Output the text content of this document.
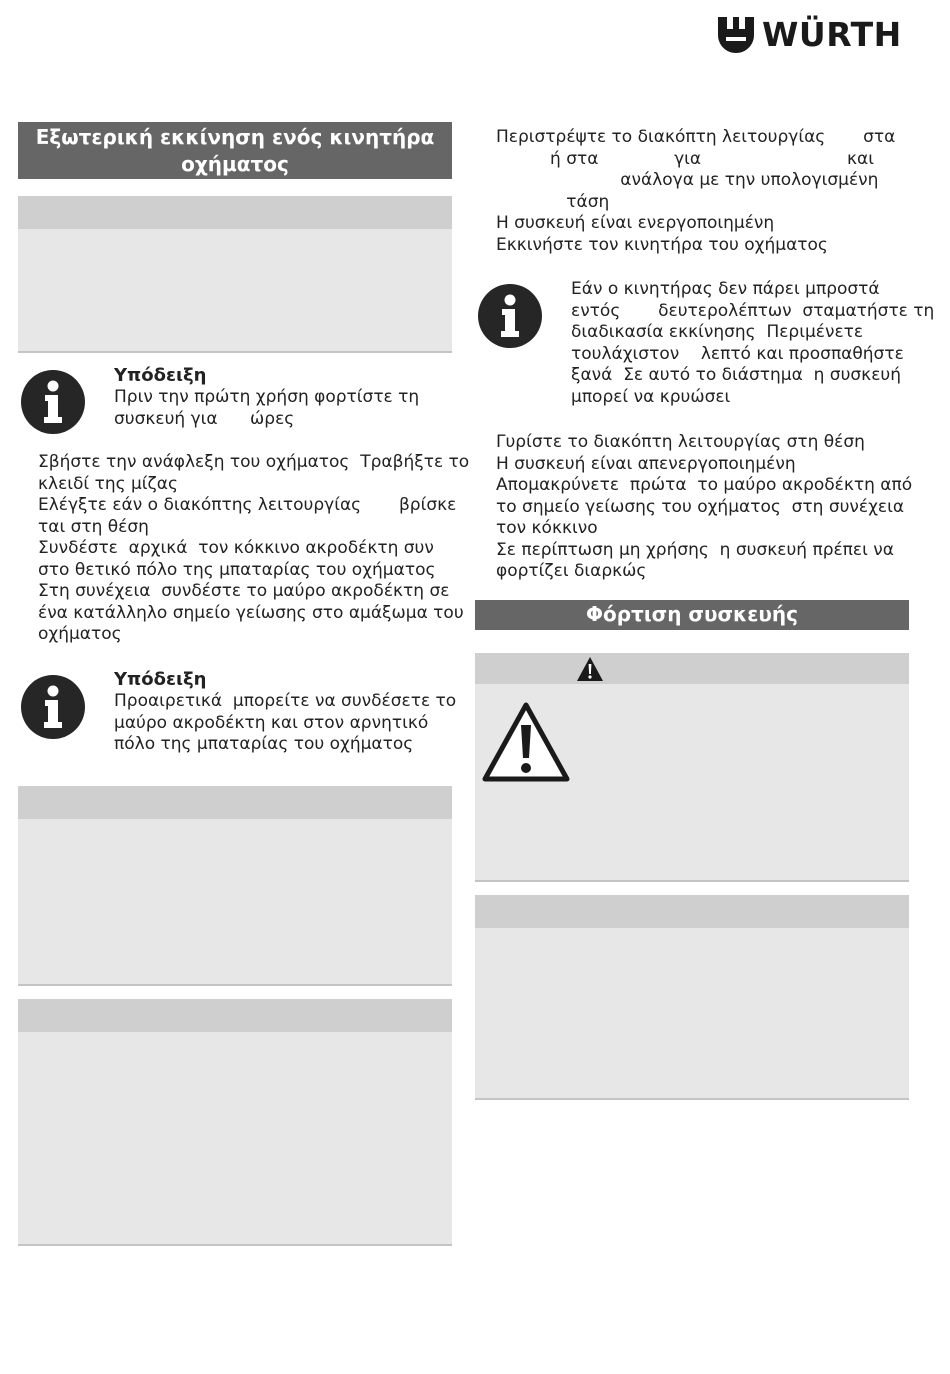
WÜRTH
Εξωτερική εκκίνηση ενός κινητήρα
οχήματος
Υπόδειξη
Πριν την πρώτη χρήση φορτίστε τη
συσκευή για      ώρες
Σβήστε την ανάφλεξη του οχήματος  Τραβήξτε το
κλειδί της μίζας
Ελέγξτε εάν ο διακόπτης λειτουργίας       βρίσκε
ται στη θέση
Συνδέστε  αρχικά  τον κόκκινο ακροδέκτη συν
στο θετικό πόλο της μπαταρίας του οχήματος
Στη συνέχεια  συνδέστε το μαύρο ακροδέκτη σε
ένα κατάλληλο σημείο γείωσης στο αμάξωμα του
οχήματος
Υπόδειξη
Προαιρετικά  μπορείτε να συνδέσετε το
μαύρο ακροδέκτη και στον αρνητικό
πόλο της μπαταρίας του οχήματος
Περιστρέψτε το διακόπτη λειτουργίας       στα
ή στα              για                           και
ανάλογα με την υπολογισμένη
τάση
Η συσκευή είναι ενεργοποιημένη
Εκκινήστε τον κινητήρα του οχήματος
Εάν ο κινητήρας δεν πάρει μπροστά
εντός       δευτερολέπτων  σταματήστε τη
διαδικασία εκκίνησης  Περιμένετε
τουλάχιστον    λεπτό και προσπαθήστε
ξανά  Σε αυτό το διάστημα  η συσκευή
μπορεί να κρυώσει
Γυρίστε το διακόπτη λειτουργίας στη θέση
Η συσκευή είναι απενεργοποιημένη
Απομακρύνετε  πρώτα  το μαύρο ακροδέκτη από
το σημείο γείωσης του οχήματος  στη συνέχεια
τον κόκκινο
Σε περίπτωση μη χρήσης  η συσκευή πρέπει να
φορτίζει διαρκώς
Φόρτιση συσκευής
